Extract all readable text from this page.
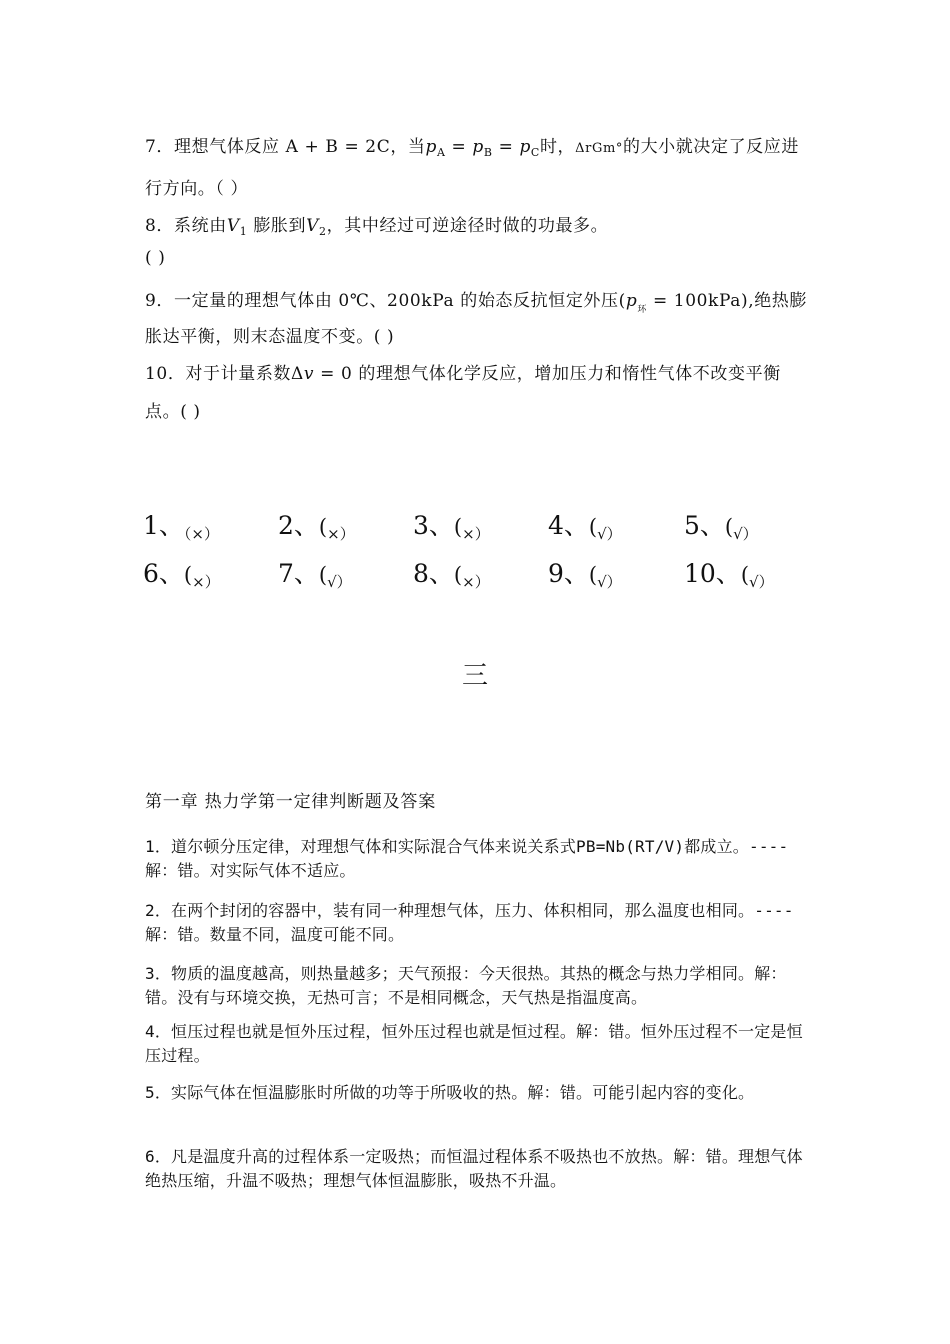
7．理想气体反应 A + B = 2C，当$p_A = p_B = p_C$时，ΔrGm°的大小就决定了反应进
行方向。（ ）
8．系统由$V_1$ 膨胀到$V_2$，其中经过可逆途径时做的功最多。
( )
9．一定量的理想气体由 0℃、200kPa 的始态反抗恒定外压$(p_环 = 100kPa)$,绝热膨
胀达平衡，则末态温度不变。( )
10．对于计量系数Δv = 0 的理想气体化学反应，增加压力和惰性气体不改变平衡
点。( )
1、$_{(\times)}$ 2、($_{\times)}$ 3、($_{\times)}$ 4、($_{√)}$ 5、($_{√)}$
6、($_{\times)}$ 7、($_{√)}$ 8、($_{\times)}$ 9、($_{√)}$ 10、($_{√)}$
三
第一章 热力学第一定律判断题及答案
1．道尔顿分压定律，对理想气体和实际混合气体来说关系式PB=Nb(RT/V)都成立。----解：错。对实际气体不适应。
2．在两个封闭的容器中，装有同一种理想气体，压力、体积相同，那么温度也相同。----解：错。数量不同，温度可能不同。
3．物质的温度越高，则热量越多；天气预报：今天很热。其热的概念与热力学相同。解：错。没有与环境交换，无热可言；不是相同概念，天气热是指温度高。
4．恒压过程也就是恒外压过程，恒外压过程也就是恒过程。解：错。恒外压过程不一定是恒压过程。
5．实际气体在恒温膨胀时所做的功等于所吸收的热。解：错。可能引起内容的变化。
6．凡是温度升高的过程体系一定吸热；而恒温过程体系不吸热也不放热。解：错。理想气体绝热压缩，升温不吸热；理想气体恒温膨胀，吸热不升温。
